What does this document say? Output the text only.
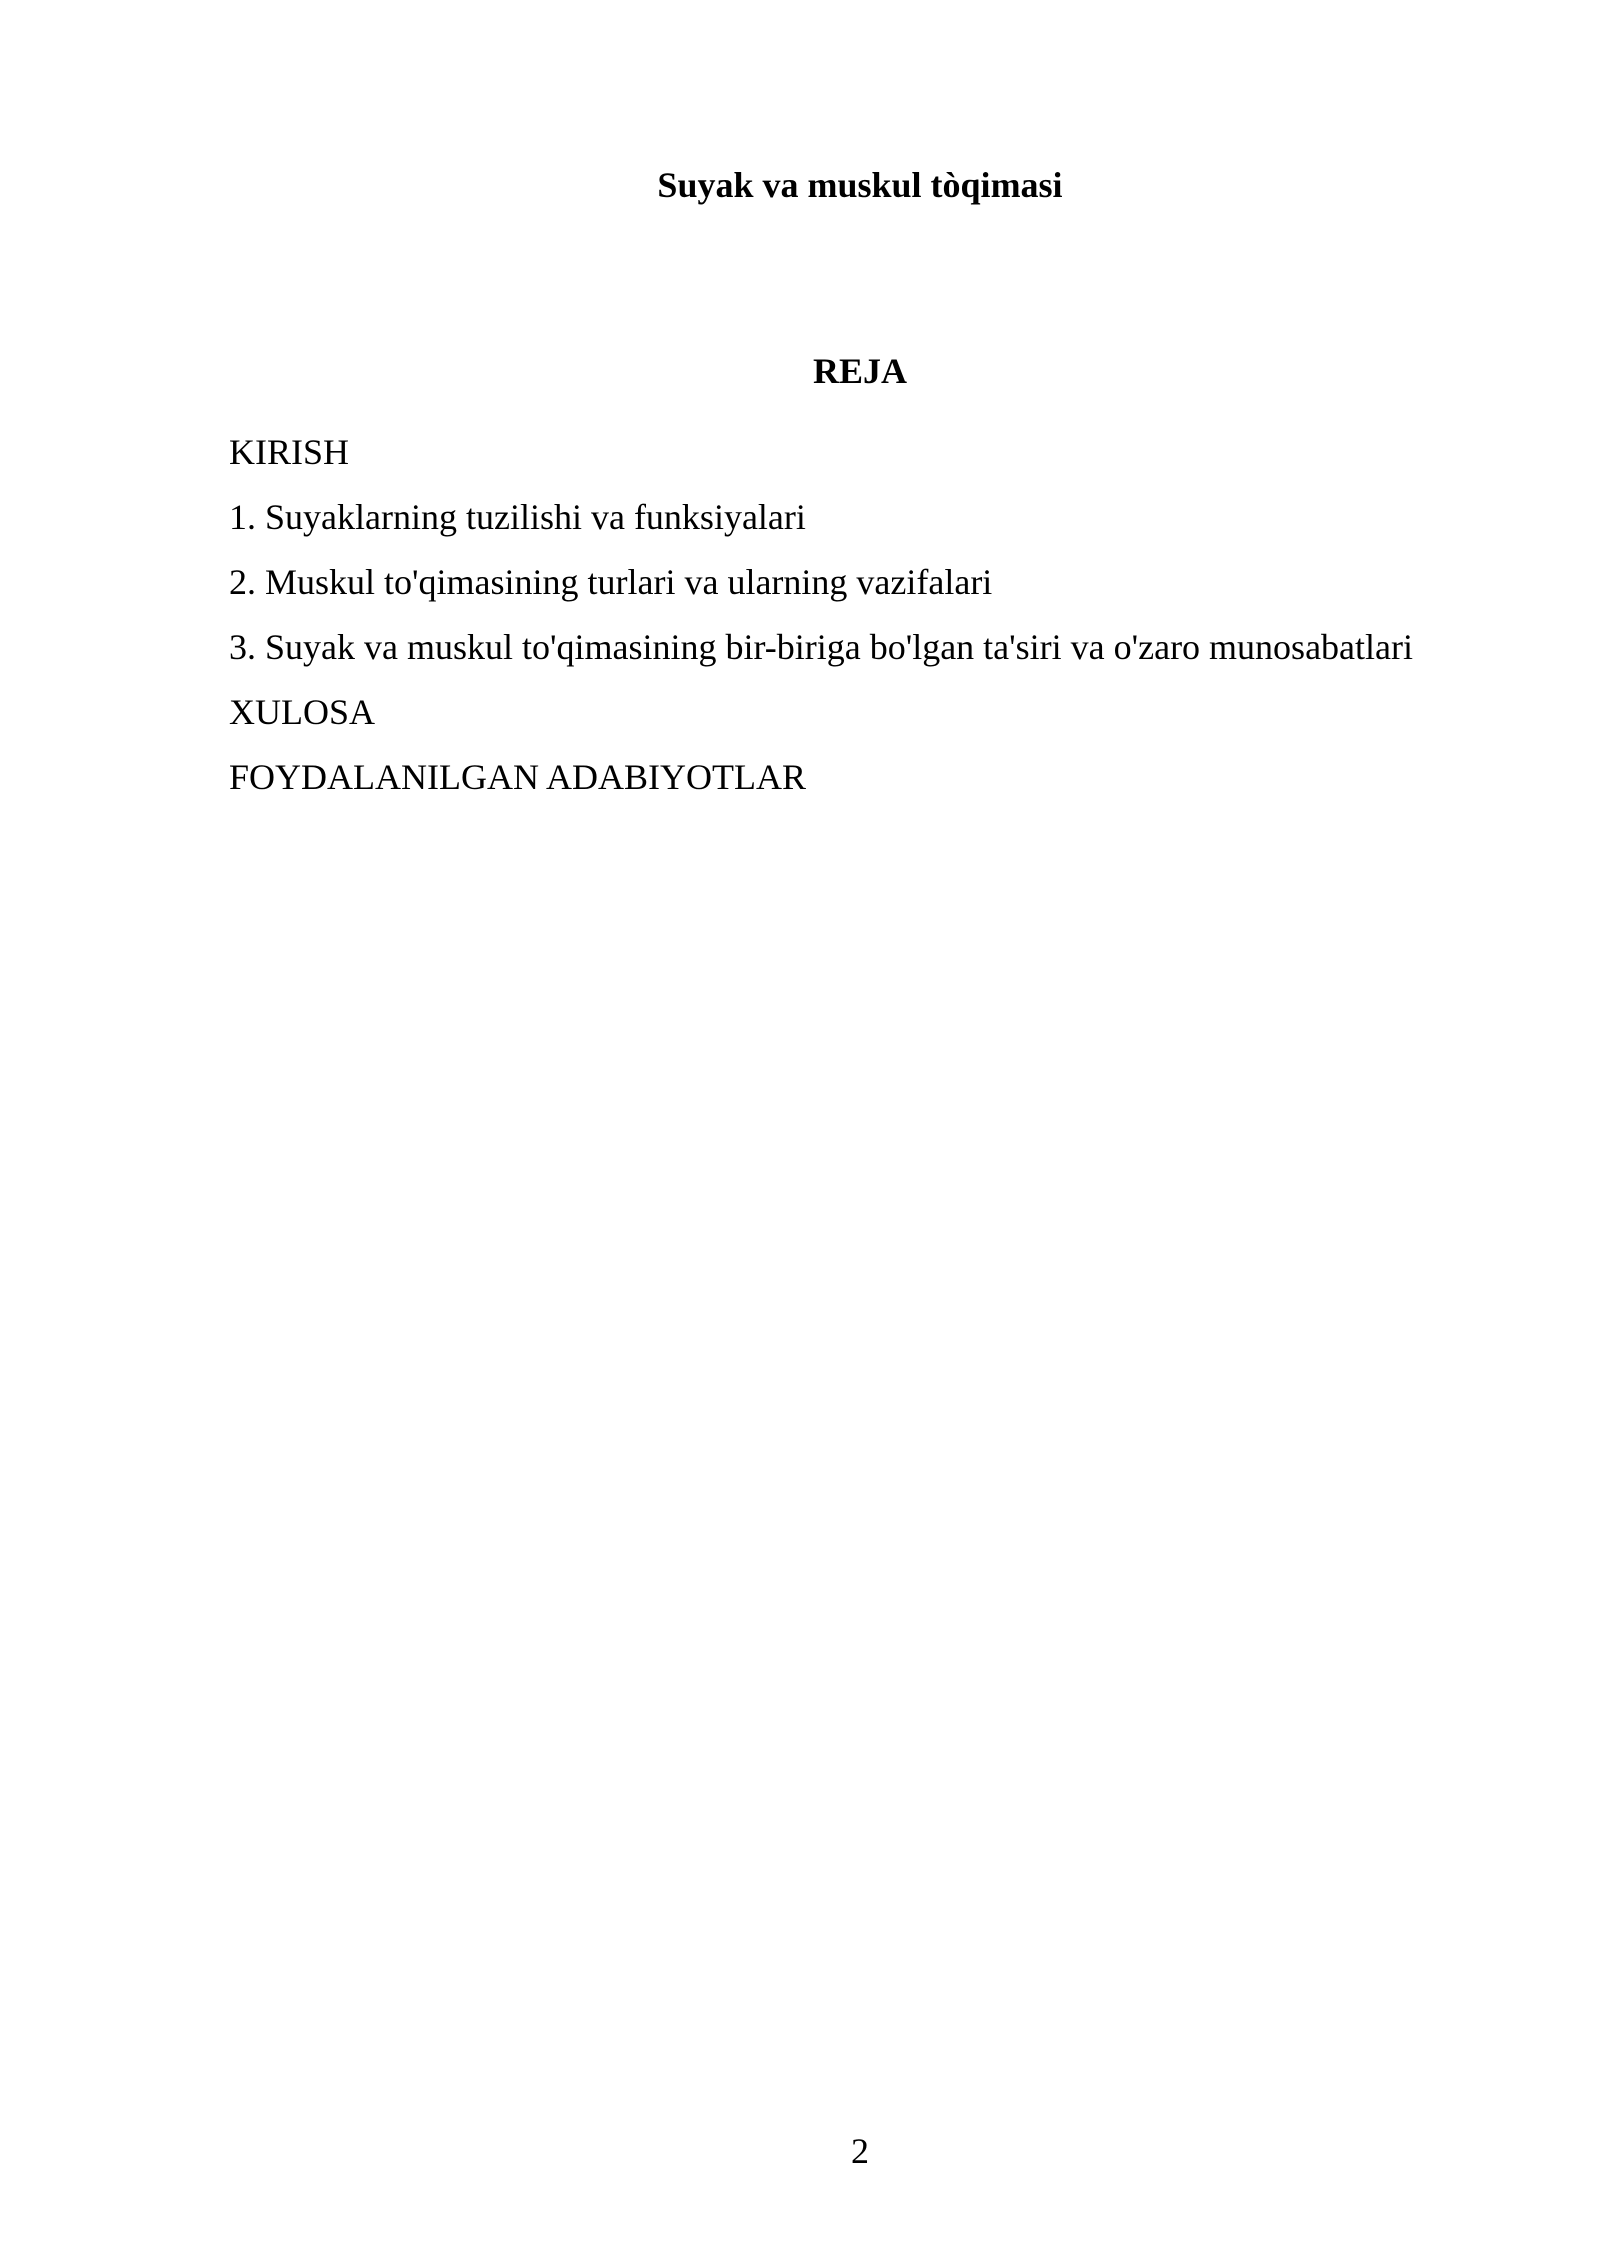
Suyak va muskul tòqimasi
REJA
KIRISH
1. Suyaklarning tuzilishi va funksiyalari
2. Muskul to'qimasining turlari va ularning vazifalari
3. Suyak va muskul to'qimasining bir-biriga bo'lgan ta'siri va o'zaro munosabatlari
XULOSA
FOYDALANILGAN ADABIYOTLAR
2
